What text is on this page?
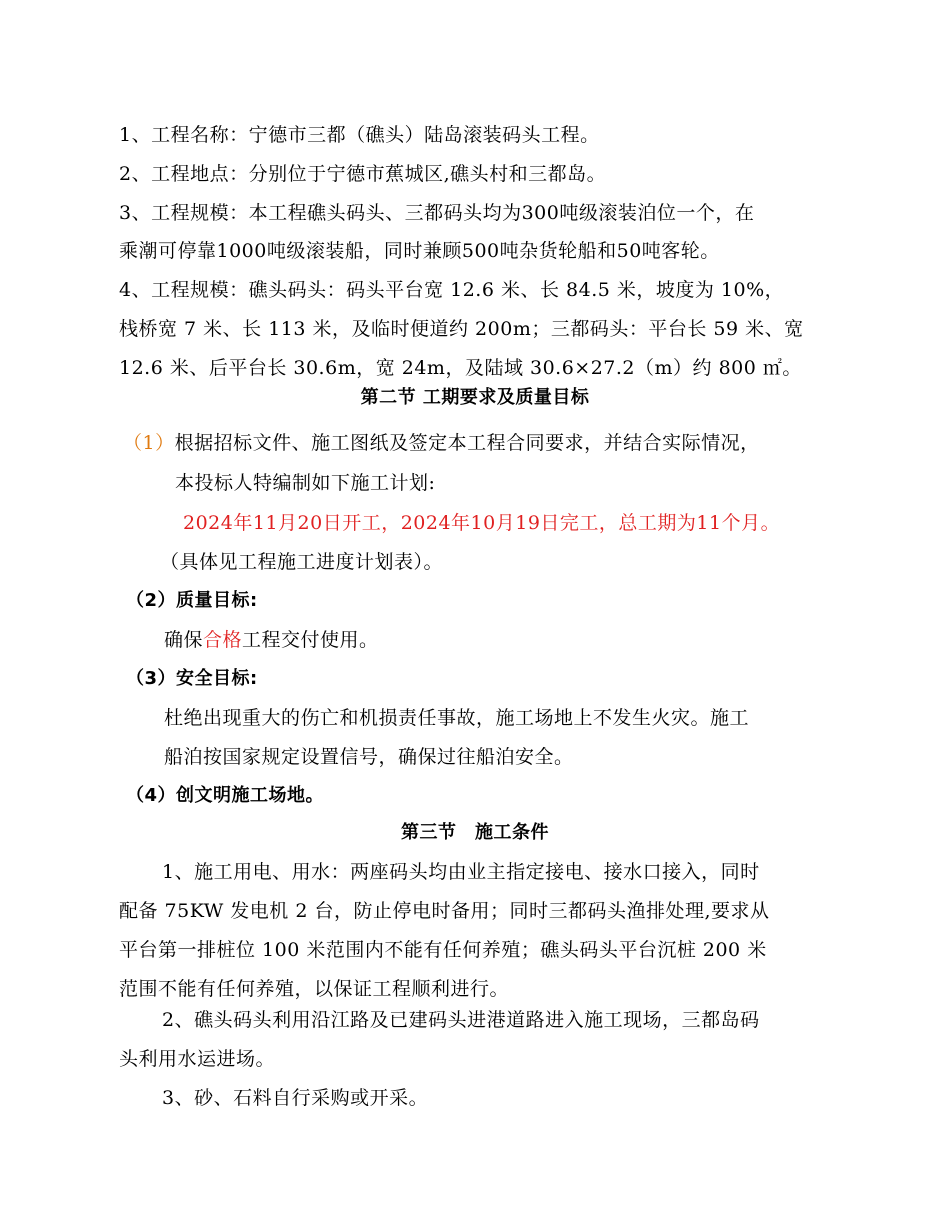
1、工程名称：宁德市三都（礁头）陆岛滚装码头工程。
2、工程地点：分别位于宁德市蕉城区,礁头村和三都岛。
3、工程规模：本工程礁头码头、三都码头均为300吨级滚装泊位一个，在
乘潮可停靠1000吨级滚装船，同时兼顾500吨杂货轮船和50吨客轮。
4、工程规模：礁头码头：码头平台宽 12.6 米、长 84.5 米，坡度为 10%，
栈桥宽 7 米、长 113 米，及临时便道约 200m；三都码头：平台长 59 米、宽
12.6 米、后平台长 30.6m，宽 24m，及陆域 30.6×27.2（m）约 800 ㎡。
第二节 工期要求及质量目标
（1）根据招标文件、施工图纸及签定本工程合同要求，并结合实际情况，
本投标人特编制如下施工计划:
2024年11月20日开工，2024年10月19日完工，总工期为11个月。
（具体见工程施工进度计划表）。
（2）质量目标:
确保合格工程交付使用。
（3）安全目标:
杜绝出现重大的伤亡和机损责任事故，施工场地上不发生火灾。施工
船泊按国家规定设置信号，确保过往船泊安全。
（4）创文明施工场地。
第三节　施工条件
1、施工用电、用水：两座码头均由业主指定接电、接水口接入，同时
配备 75KW 发电机 2 台，防止停电时备用；同时三都码头渔排处理,要求从
平台第一排桩位 100 米范围内不能有任何养殖；礁头码头平台沉桩 200 米
范围不能有任何养殖，以保证工程顺利进行。
2、礁头码头利用沿江路及已建码头进港道路进入施工现场，三都岛码
头利用水运进场。
3、砂、石料自行采购或开采。
